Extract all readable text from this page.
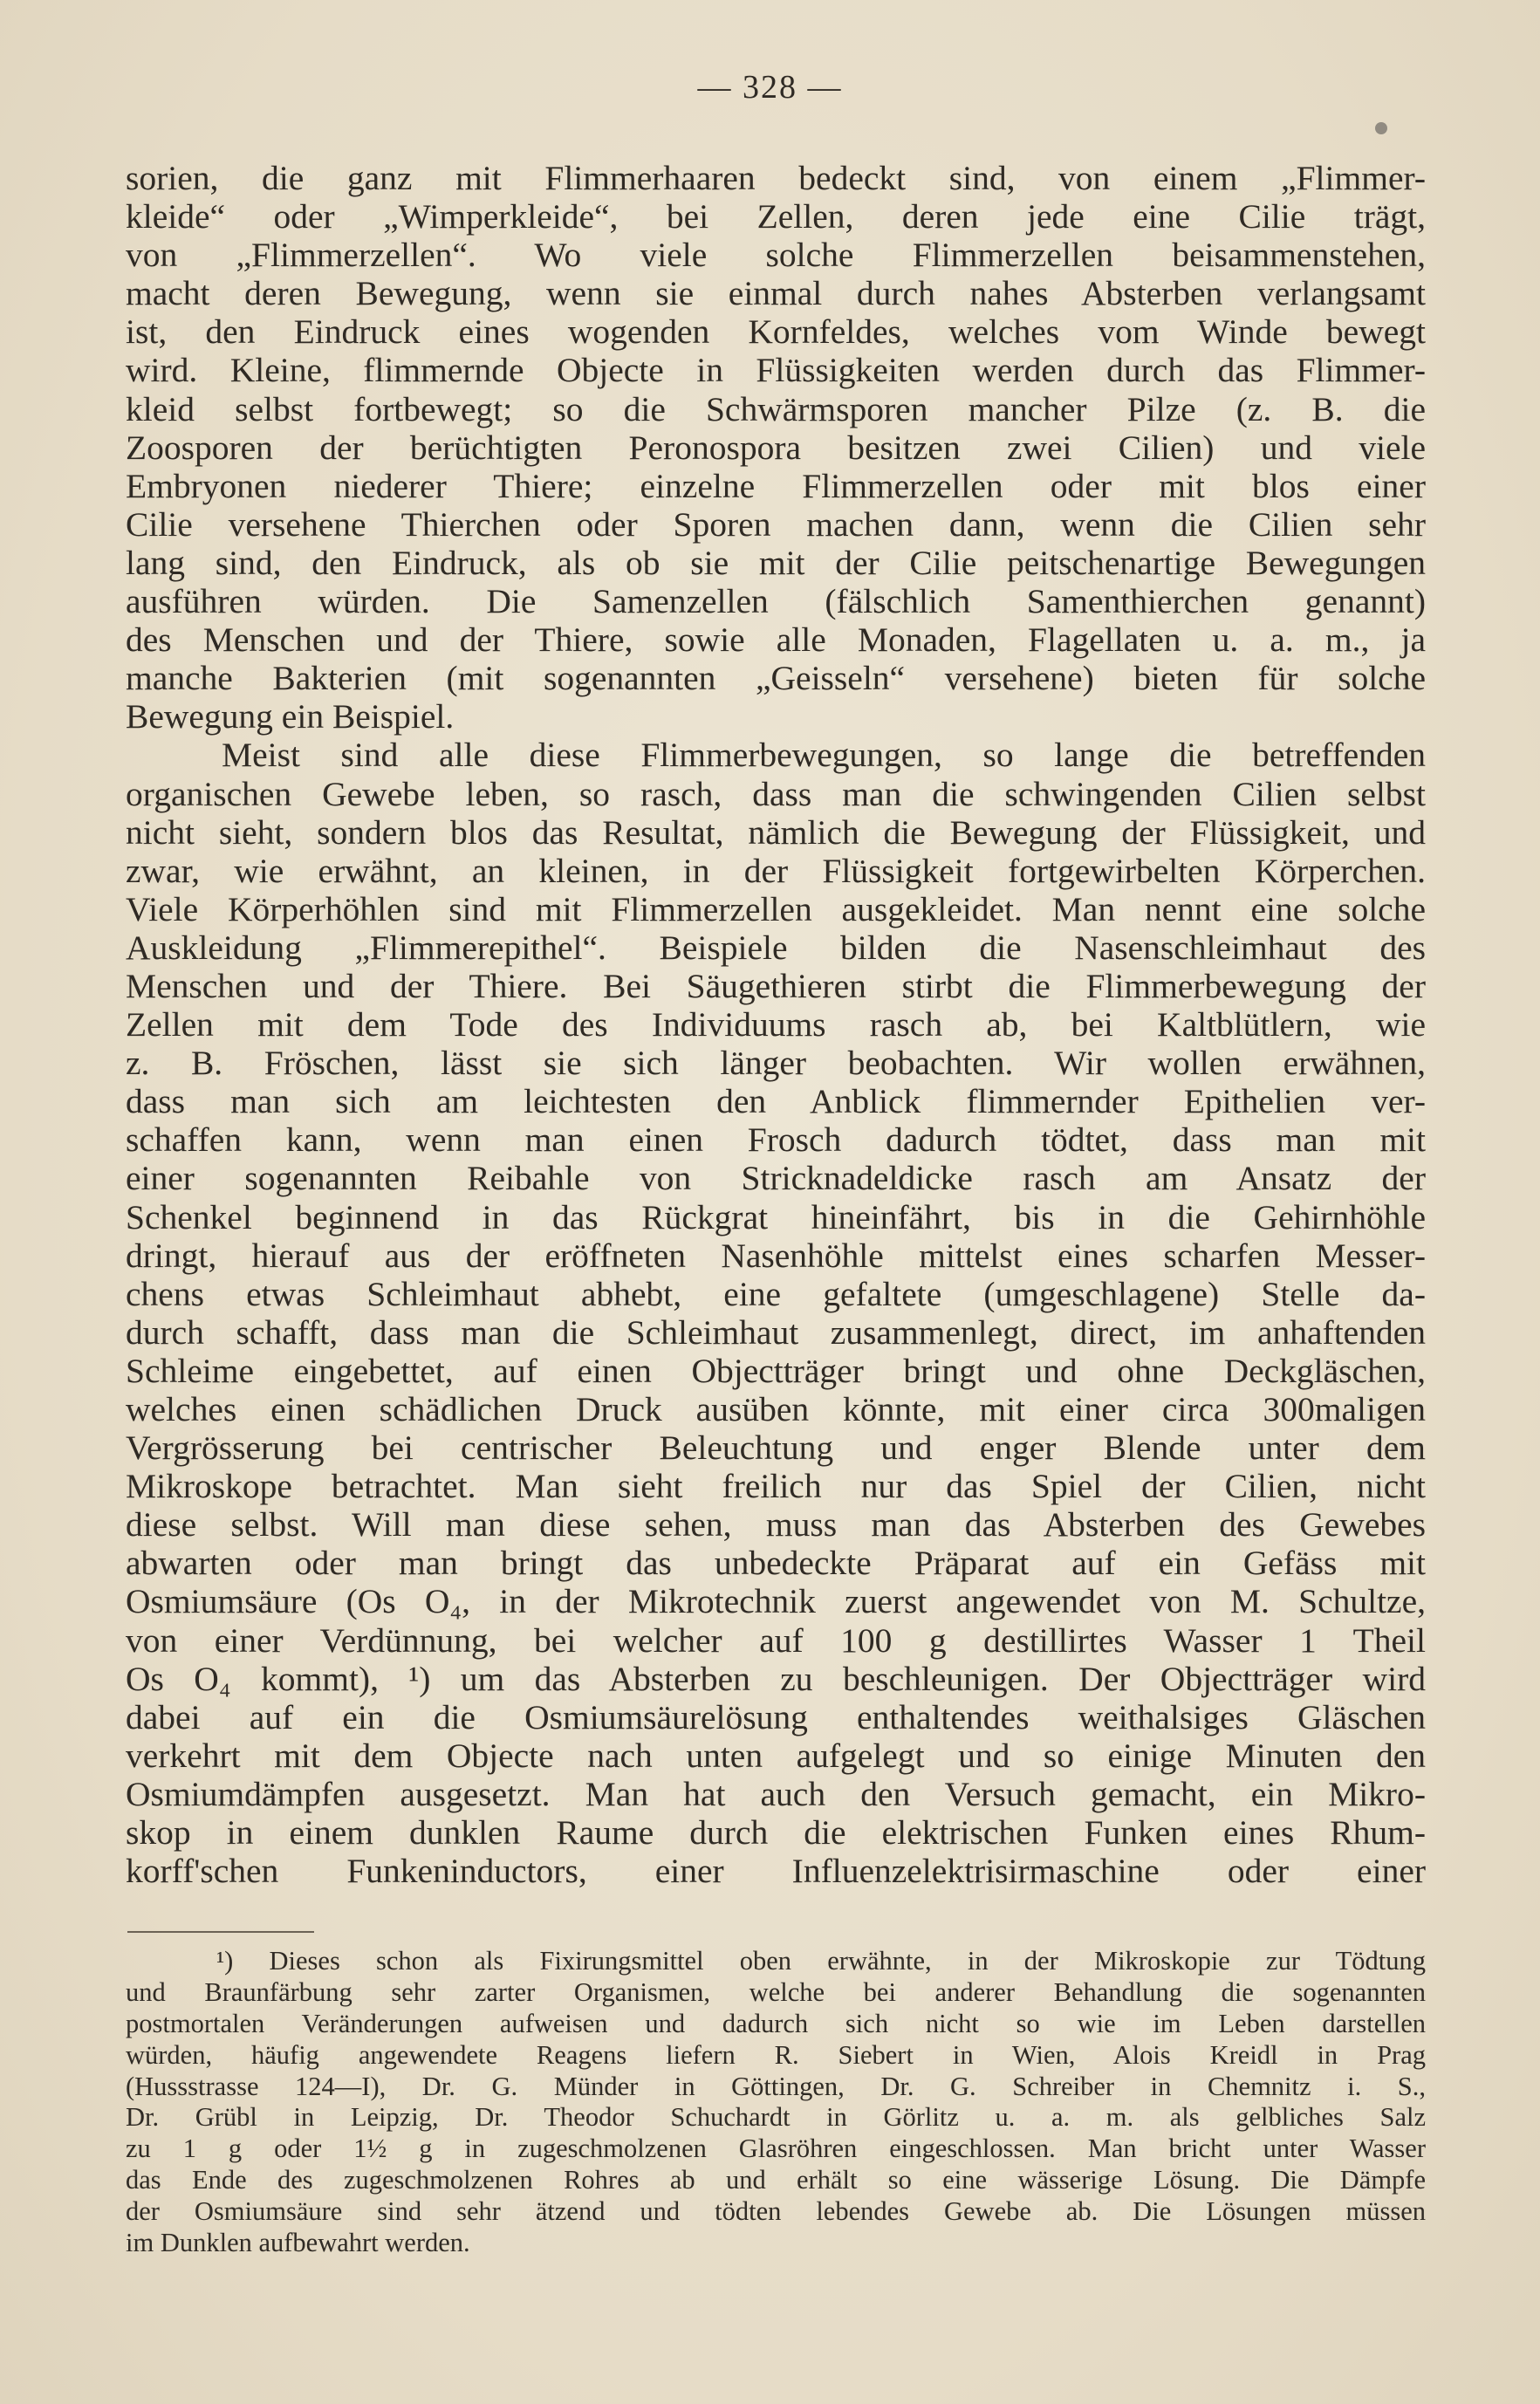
— 328 —
sorien, die ganz mit Flimmerhaaren bedeckt sind, von einem „Flimmer-
kleide“ oder „Wimperkleide“, bei Zellen, deren jede eine Cilie trägt,
von „Flimmerzellen“. Wo viele solche Flimmerzellen beisammenstehen,
macht deren Bewegung, wenn sie einmal durch nahes Absterben verlangsamt
ist, den Eindruck eines wogenden Kornfeldes, welches vom Winde bewegt
wird. Kleine, flimmernde Objecte in Flüssigkeiten werden durch das Flimmer-
kleid selbst fortbewegt; so die Schwärmsporen mancher Pilze (z. B. die
Zoosporen der berüchtigten Peronospora besitzen zwei Cilien) und viele
Embryonen niederer Thiere; einzelne Flimmerzellen oder mit blos einer
Cilie versehene Thierchen oder Sporen machen dann, wenn die Cilien sehr
lang sind, den Eindruck, als ob sie mit der Cilie peitschenartige Bewegungen
ausführen würden. Die Samenzellen (fälschlich Samenthierchen genannt)
des Menschen und der Thiere, sowie alle Monaden, Flagellaten u. a. m., ja
manche Bakterien (mit sogenannten „Geisseln“ versehene) bieten für solche
Bewegung ein Beispiel.
Meist sind alle diese Flimmerbewegungen, so lange die betreffenden
organischen Gewebe leben, so rasch, dass man die schwingenden Cilien selbst
nicht sieht, sondern blos das Resultat, nämlich die Bewegung der Flüssigkeit, und
zwar, wie erwähnt, an kleinen, in der Flüssigkeit fortgewirbelten Körperchen.
Viele Körperhöhlen sind mit Flimmerzellen ausgekleidet. Man nennt eine solche
Auskleidung „Flimmerepithel“. Beispiele bilden die Nasenschleimhaut des
Menschen und der Thiere. Bei Säugethieren stirbt die Flimmerbewegung der
Zellen mit dem Tode des Individuums rasch ab, bei Kaltblütlern, wie
z. B. Fröschen, lässt sie sich länger beobachten. Wir wollen erwähnen,
dass man sich am leichtesten den Anblick flimmernder Epithelien ver-
schaffen kann, wenn man einen Frosch dadurch tödtet, dass man mit
einer sogenannten Reibahle von Stricknadeldicke rasch am Ansatz der
Schenkel beginnend in das Rückgrat hineinfährt, bis in die Gehirnhöhle
dringt, hierauf aus der eröffneten Nasenhöhle mittelst eines scharfen Messer-
chens etwas Schleimhaut abhebt, eine gefaltete (umgeschlagene) Stelle da-
durch schafft, dass man die Schleimhaut zusammenlegt, direct, im anhaftenden
Schleime eingebettet, auf einen Objectträger bringt und ohne Deckgläschen,
welches einen schädlichen Druck ausüben könnte, mit einer circa 300maligen
Vergrösserung bei centrischer Beleuchtung und enger Blende unter dem
Mikroskope betrachtet. Man sieht freilich nur das Spiel der Cilien, nicht
diese selbst. Will man diese sehen, muss man das Absterben des Gewebes
abwarten oder man bringt das unbedeckte Präparat auf ein Gefäss mit
Osmiumsäure (Os O₄, in der Mikrotechnik zuerst angewendet von M. Schultze,
von einer Verdünnung, bei welcher auf 100 g destillirtes Wasser 1 Theil
Os O₄ kommt), ¹) um das Absterben zu beschleunigen. Der Objectträger wird
dabei auf ein die Osmiumsäurelösung enthaltendes weithalsiges Gläschen
verkehrt mit dem Objecte nach unten aufgelegt und so einige Minuten den
Osmiumdämpfen ausgesetzt. Man hat auch den Versuch gemacht, ein Mikro-
skop in einem dunklen Raume durch die elektrischen Funken eines Rhum-
korff'schen Funkeninductors, einer Influenzelektrisirmaschine oder einer
¹) Dieses schon als Fixirungsmittel oben erwähnte, in der Mikroskopie zur Tödtung
und Braunfärbung sehr zarter Organismen, welche bei anderer Behandlung die sogenannten
postmortalen Veränderungen aufweisen und dadurch sich nicht so wie im Leben darstellen
würden, häufig angewendete Reagens liefern R. Siebert in Wien, Alois Kreidl in Prag
(Hussstrasse 124—I), Dr. G. Münder in Göttingen, Dr. G. Schreiber in Chemnitz i. S.,
Dr. Grübl in Leipzig, Dr. Theodor Schuchardt in Görlitz u. a. m. als gelbliches Salz
zu 1 g oder 1½ g in zugeschmolzenen Glasröhren eingeschlossen. Man bricht unter Wasser
das Ende des zugeschmolzenen Rohres ab und erhält so eine wässerige Lösung. Die Dämpfe
der Osmiumsäure sind sehr ätzend und tödten lebendes Gewebe ab. Die Lösungen müssen
im Dunklen aufbewahrt werden.
